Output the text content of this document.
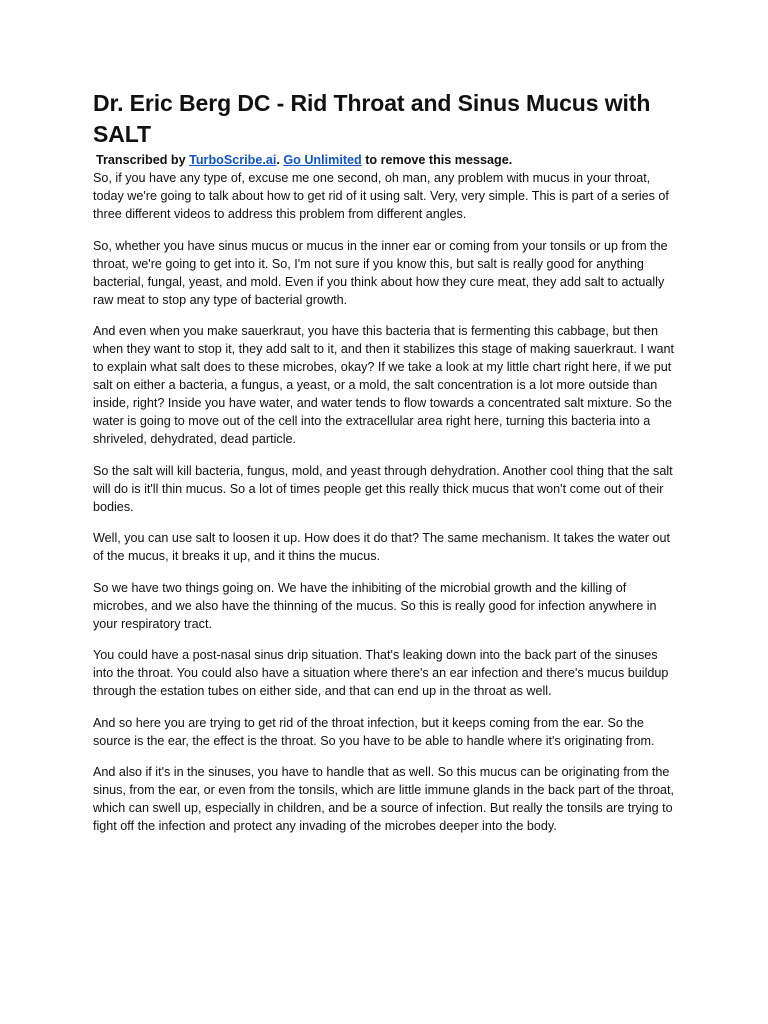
Dr. Eric Berg DC - Rid Throat and Sinus Mucus with SALT
Transcribed by TurboScribe.ai. Go Unlimited to remove this message.

So, if you have any type of, excuse me one second, oh man, any problem with mucus in your throat, today we're going to talk about how to get rid of it using salt. Very, very simple. This is part of a series of three different videos to address this problem from different angles.

So, whether you have sinus mucus or mucus in the inner ear or coming from your tonsils or up from the throat, we're going to get into it. So, I'm not sure if you know this, but salt is really good for anything bacterial, fungal, yeast, and mold. Even if you think about how they cure meat, they add salt to actually raw meat to stop any type of bacterial growth.

And even when you make sauerkraut, you have this bacteria that is fermenting this cabbage, but then when they want to stop it, they add salt to it, and then it stabilizes this stage of making sauerkraut. I want to explain what salt does to these microbes, okay? If we take a look at my little chart right here, if we put salt on either a bacteria, a fungus, a yeast, or a mold, the salt concentration is a lot more outside than inside, right? Inside you have water, and water tends to flow towards a concentrated salt mixture. So the water is going to move out of the cell into the extracellular area right here, turning this bacteria into a shriveled, dehydrated, dead particle.

So the salt will kill bacteria, fungus, mold, and yeast through dehydration. Another cool thing that the salt will do is it'll thin mucus. So a lot of times people get this really thick mucus that won't come out of their bodies.

Well, you can use salt to loosen it up. How does it do that? The same mechanism. It takes the water out of the mucus, it breaks it up, and it thins the mucus.

So we have two things going on. We have the inhibiting of the microbial growth and the killing of microbes, and we also have the thinning of the mucus. So this is really good for infection anywhere in your respiratory tract.

You could have a post-nasal sinus drip situation. That's leaking down into the back part of the sinuses into the throat. You could also have a situation where there's an ear infection and there's mucus buildup through the estation tubes on either side, and that can end up in the throat as well.

And so here you are trying to get rid of the throat infection, but it keeps coming from the ear. So the source is the ear, the effect is the throat. So you have to be able to handle where it's originating from.

And also if it's in the sinuses, you have to handle that as well. So this mucus can be originating from the sinus, from the ear, or even from the tonsils, which are little immune glands in the back part of the throat, which can swell up, especially in children, and be a source of infection. But really the tonsils are trying to fight off the infection and protect any invading of the microbes deeper into the body.
